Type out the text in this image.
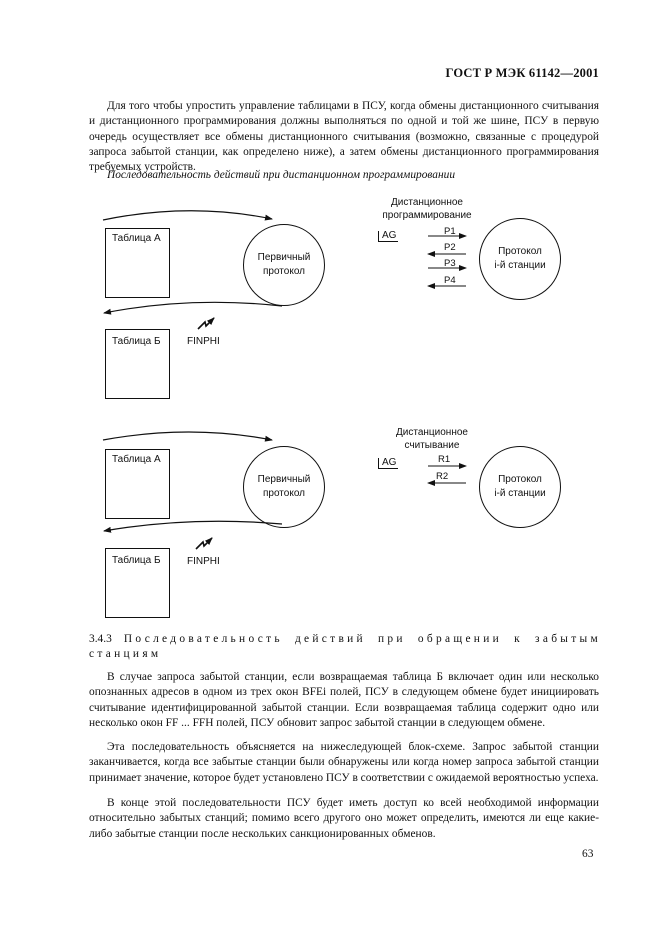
ГОСТ Р МЭК 61142—2001

Для того чтобы упростить управление таблицами в ПСУ, когда обмены дистанционного считывания и дистанционного программирования должны выполняться по одной и той же шине, ПСУ в первую очередь осуществляет все обмены дистанционного считывания (возможно, связанные с процедурой запроса забытой станции, как определено ниже), а затем обмены дистанционного программирования требуемых устройств.

Последовательность действий при дистанционном программировании
Таблица А
Таблица Б
Первичный
протокол
FINPHI
Дистанционное
программирование
AG	P1
P2
P3
P4
Протокол
i-й станции
Таблица А
Таблица Б
Первичный
протокол
FINPHI
Дистанционное
считывание
AG	R1
R2	Протокол
i-й станции
3.4.3 Последовательность действий при обращении к забытым станциям

В случае запроса забытой станции, если возвращаемая таблица Б включает один или несколько опознанных адресов в одном из трех окон BFEi полей, ПСУ в следующем обмене будет инициировать считывание идентифицированной забытой станции. Если возвращаемая таблица содержит одно или несколько окон FF ... FFH полей, ПСУ обновит запрос забытой станции в следующем обмене.

Эта последовательность объясняется на нижеследующей блок-схеме. Запрос забытой станции заканчивается, когда все забытые станции были обнаружены или когда номер запроса забытой станции принимает значение, которое будет установлено ПСУ в соответствии с ожидаемой вероятностью успеха.

В конце этой последовательности ПСУ будет иметь доступ ко всей необходимой информации относительно забытых станций; помимо всего другого оно может определить, имеются ли еще какие-либо забытые станции после нескольких санкционированных обменов.

63
